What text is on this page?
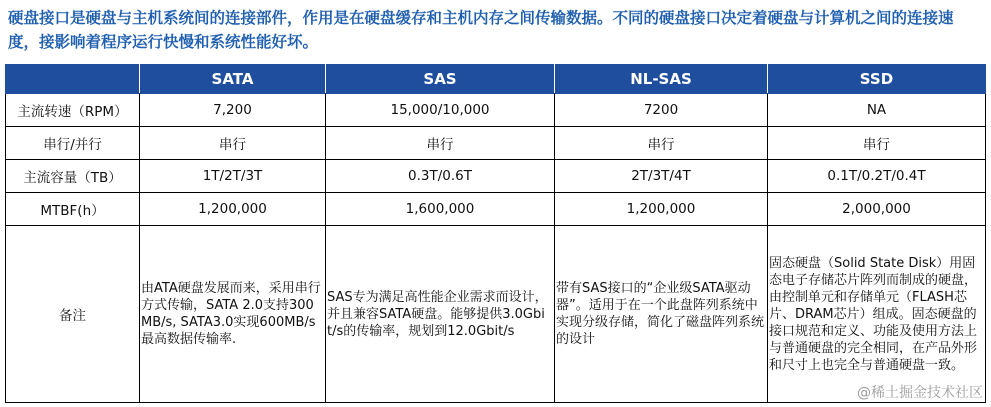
硬盘接口是硬盘与主机系统间的连接部件，作用是在硬盘缓存和主机内存之间传输数据。不同的硬盘接口决定着硬盘与计算机之间的连接速度，接影响着程序运行快慢和系统性能好坏。
	SATA	SAS	NL-SAS	SSD
主流转速（RPM）	7,200	15,000/10,000	7200	NA
串行/并行	串行	串行	串行	串行
主流容量（TB）	1T/2T/3T	0.3T/0.6T	2T/3T/4T	0.1T/0.2T/0.4T
MTBF(h）	1,200,000	1,600,000	1,200,000	2,000,000
备注	由ATA硬盘发展而来，采用串行方式传输，SATA 2.0支持300MB/s, SATA3.0实现600MB/s最高数据传输率.	SAS专为满足高性能企业需求而设计，并且兼容SATA硬盘。能够提供3.0Gbit/s的传输率，规划到12.0Gbit/s	带有SAS接口的“企业级SATA驱动器”。适用于在一个此盘阵列系统中实现分级存储，简化了磁盘阵列系统的设计	固态硬盘（Solid State Disk）用固态电子存储芯片阵列而制成的硬盘，由控制单元和存储单元（FLASH芯片、DRAM芯片）组成。固态硬盘的接口规范和定义、功能及使用方法上与普通硬盘的完全相同，在产品外形和尺寸上也完全与普通硬盘一致。
@稀土掘金技术社区
